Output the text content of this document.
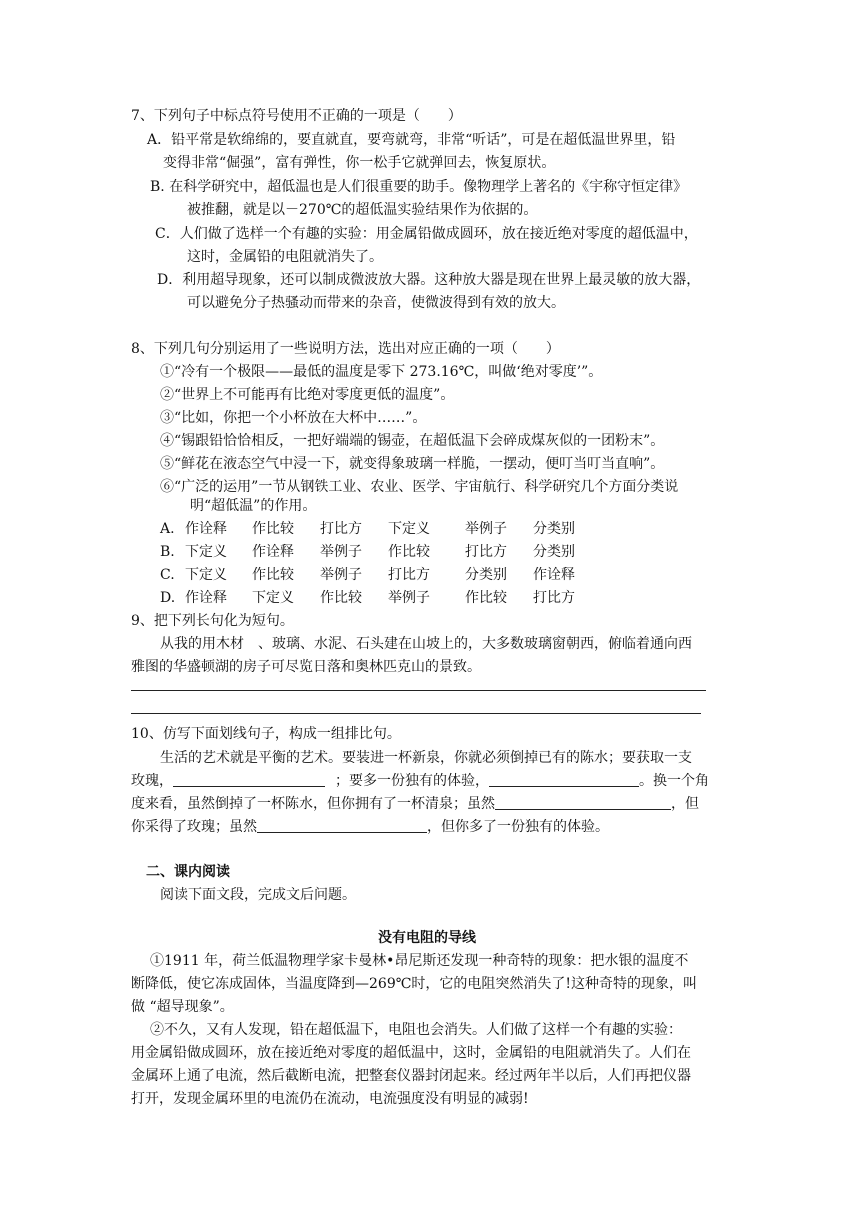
7、下列句子中标点符号使用不正确的一项是（　　）
A．铅平常是软绵绵的，要直就直，要弯就弯，非常“听话”，可是在超低温世界里，铅
变得非常“倔强”，富有弹性，你一松手它就弹回去，恢复原状。
B. 在科学研究中，超低温也是人们很重要的助手。像物理学上著名的《宇称守恒定律》
被推翻，就是以－270℃的超低温实验结果作为依据的。
C．人们做了选样一个有趣的实验：用金属铅做成圆环，放在接近绝对零度的超低温中，
这时，金属铅的电阻就消失了。
D．利用超导现象，还可以制成微波放大器。这种放大器是现在世界上最灵敏的放大器，
可以避免分子热骚动而带来的杂音，使微波得到有效的放大。
8、下列几句分别运用了一些说明方法，选出对应正确的一项（　　）
①“冷有一个极限——最低的温度是零下 273.16℃，叫做‘绝对零度’”。
②“世界上不可能再有比绝对零度更低的温度”。
③“比如，你把一个小杯放在大杯中……”。
④“锡跟铅恰恰相反，一把好端端的锡壶，在超低温下会碎成煤灰似的一团粉末”。
⑤“鲜花在液态空气中浸一下，就变得象玻璃一样脆，一摆动，便叮当叮当直响”。
⑥“广泛的运用”一节从钢铁工业、农业、医学、宇宙航行、科学研究几个方面分类说
明“超低温”的作用。
A. 作诠释 作比较 打比方 下定义	举例子 分类别
B. 下定义 作诠释 举例子 作比较	打比方 分类别
C. 下定义 作比较 举例子 打比方	分类别 作诠释
D. 作诠释 下定义 作比较 举例子	作比较 打比方
9、把下列长句化为短句。
从我的用木材　、玻璃、水泥、石头建在山坡上的，大多数玻璃窗朝西，俯临着通向西
雅图的华盛顿湖的房子可尽览日落和奥林匹克山的景致。
10、仿写下面划线句子，构成一组排比句。
生活的艺术就是平衡的艺术。要装进一杯新泉，你就必须倒掉已有的陈水；要获取一支
玫瑰，	；要多一份独有的体验，	。换一个角
度来看，虽然倒掉了一杯陈水，但你拥有了一杯清泉；虽然	，但
你采得了玫瑰；虽然	，但你多了一份独有的体验。
二、课内阅读
阅读下面文段，完成文后问题。
没有电阻的导线
①1911 年，荷兰低温物理学家卡曼林•昂尼斯还发现一种奇特的现象：把水银的温度不
断降低，使它冻成固体，当温度降到—269℃时，它的电阻突然消失了!这种奇特的现象，叫
做 “超导现象”。
②不久，又有人发现，铅在超低温下，电阻也会消失。人们做了这样一个有趣的实验：
用金属铅做成圆环，放在接近绝对零度的超低温中，这时，金属铅的电阻就消失了。人们在
金属环上通了电流，然后截断电流，把整套仪器封闭起来。经过两年半以后，人们再把仪器
打开，发现金属环里的电流仍在流动，电流强度没有明显的减弱!
